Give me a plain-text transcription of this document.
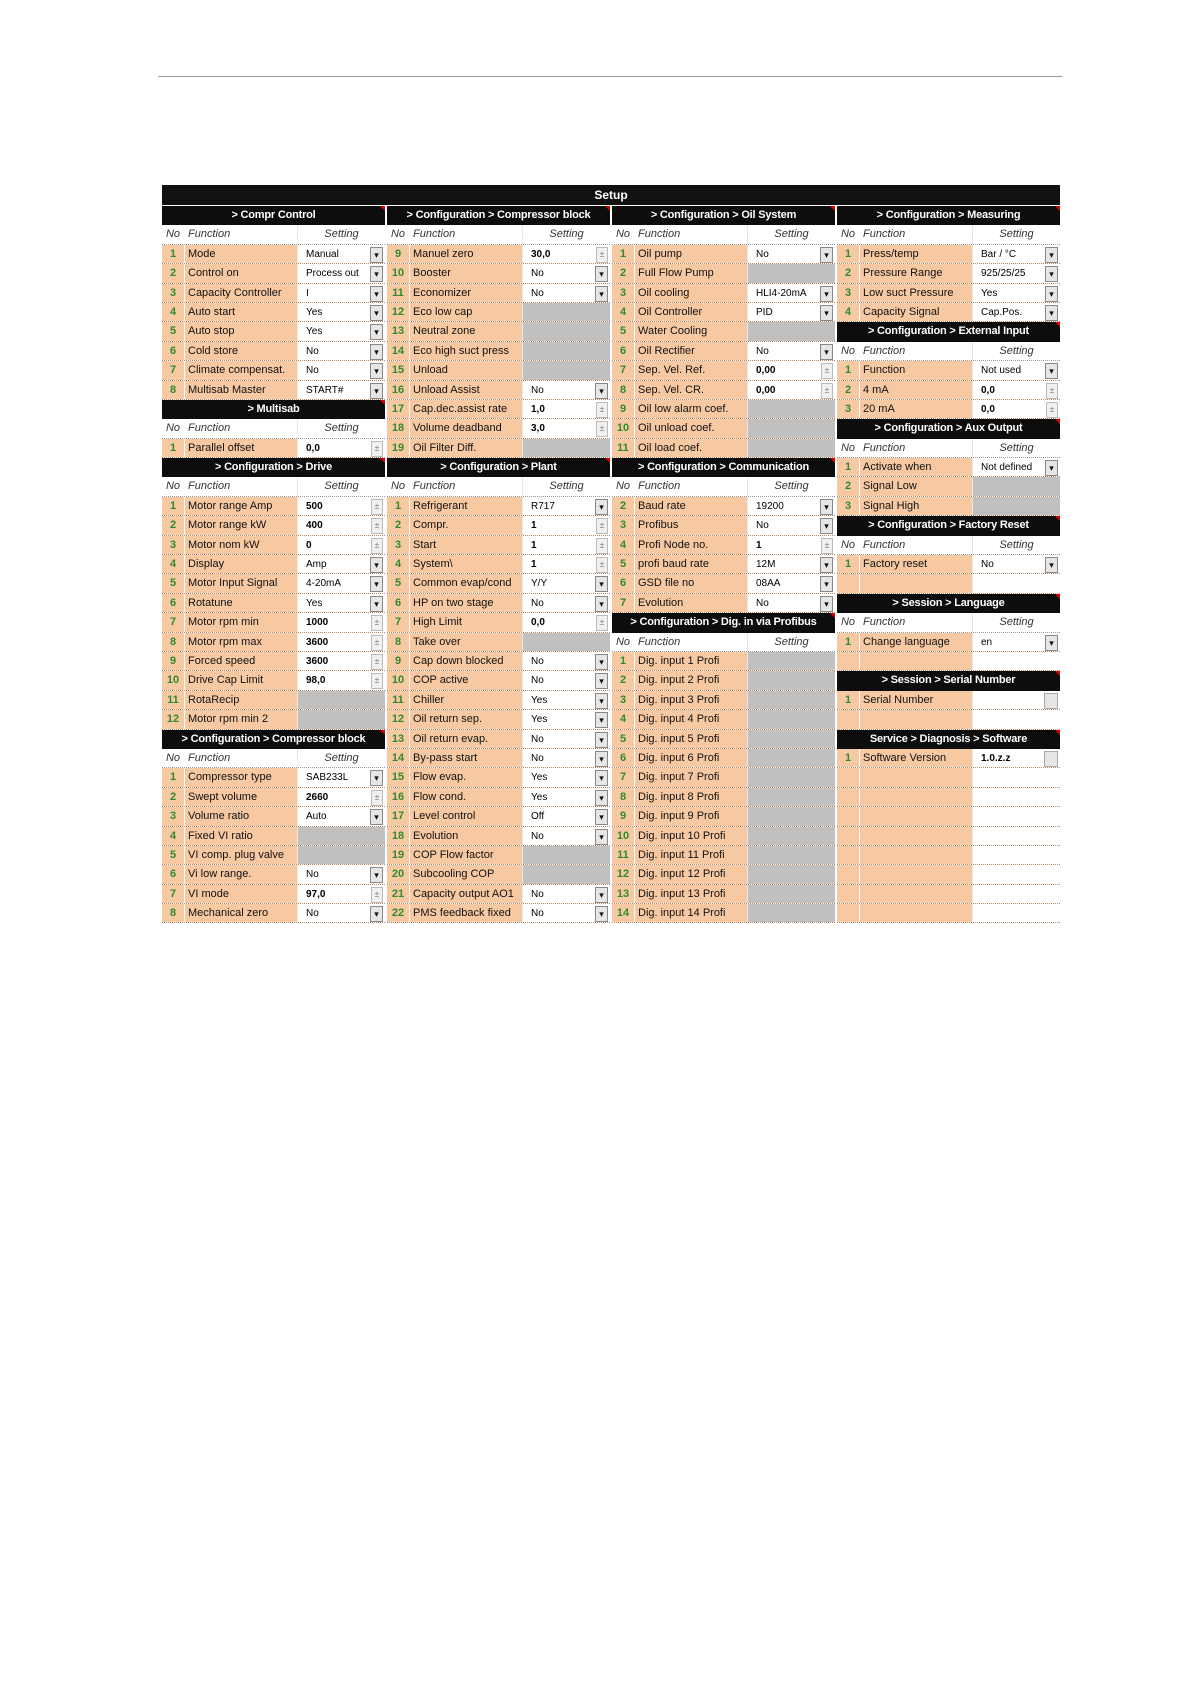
Setup
> Compr Control
No Function	Setting
1	Mode	Manual ▾
2	Control on	Process out ▾
3	Capacity Controller	I ▾
4	Auto start	Yes ▾
5	Auto stop	Yes ▾
6	Cold store	No ▾
7	Climate compensat.	No ▾
8	Multisab Master	START# ▾
> Multisab
No Function	Setting
1	Parallel offset	0,0 ±
> Configuration > Drive
No Function	Setting
1	Motor range Amp	500 ±
2	Motor range kW	400 ±
3	Motor nom kW	0 ±
4	Display	Amp ▾
5	Motor Input Signal	4-20mA ▾
6	Rotatune	Yes ▾
7	Motor rpm min	1000 ±
8	Motor rpm max	3600 ±
9	Forced speed	3600 ±
10 Drive Cap Limit	98,0 ±
11 RotaRecip
12 Motor rpm min 2
> Configuration > Compressor block
No Function	Setting
1	Compressor type	SAB233L ▾
2	Swept volume	2660 ±
3	Volume ratio	Auto ▾
4	Fixed VI ratio
5	VI comp. plug valve
6	Vi low range.	No ▾
7	VI mode	97,0 ±
8	Mechanical zero	No ▾
> Configuration > Compressor block
No Function	Setting
9	Manuel zero	30,0 ±
10 Booster	No ▾
11 Economizer	No ▾
12 Eco low cap
13 Neutral zone
14 Eco high suct press
15 Unload
16 Unload Assist	No ▾
17 Cap.dec.assist rate	1,0 ±
18 Volume deadband	3,0 ±
19 Oil Filter Diff.
> Configuration > Plant
No Function	Setting
1	Refrigerant	R717 ▾
2	Compr.	1 ±
3	Start	1 ±
4	System\	1 ±
5	Common evap/cond	Y/Y ▾
6	HP on two stage	No ▾
7	High Limit	0,0 ±
8	Take over
9	Cap down blocked	No ▾
10 COP active	No ▾
11 Chiller	Yes ▾
12 Oil return sep.	Yes ▾
13 Oil return evap.	No ▾
14 By-pass start	No ▾
15 Flow evap.	Yes ▾
16 Flow cond.	Yes ▾
17 Level control	Off ▾
18 Evolution	No ▾
19 COP Flow factor
20 Subcooling COP
21 Capacity output AO1	No ▾
22 PMS feedback fixed	No ▾
> Configuration > Oil System
No Function	Setting
1	Oil pump	No ▾
2	Full Flow Pump
3	Oil cooling	HLI4-20mA ▾
4	Oil Controller	PID ▾
5	Water Cooling
6	Oil Rectifier	No ▾
7	Sep. Vel. Ref.	0,00 ±
8	Sep. Vel. CR.	0,00 ±
9	Oil low alarm coef.
10 Oil unload coef.
11 Oil load coef.
> Configuration > Communication
No Function	Setting
2	Baud rate	19200 ▾
3	Profibus	No ▾
4	Profi Node no.	1 ±
5	profi baud rate	12M ▾
6	GSD file no	08AA ▾
7	Evolution	No ▾
> Configuration > Dig. in via Profibus
No Function	Setting
1	Dig. input 1 Profi
2	Dig. input 2 Profi
3	Dig. input 3 Profi
4	Dig. input 4 Profi
5	Dig. input 5 Profi
6	Dig. input 6 Profi
7	Dig. input 7 Profi
8	Dig. input 8 Profi
9	Dig. input 9 Profi
10 Dig. input 10 Profi
11 Dig. input 11 Profi
12 Dig. input 12 Profi
13 Dig. input 13 Profi
14 Dig. input 14 Profi
> Configuration > Measuring
No Function	Setting
1	Press/temp	Bar / °C ▾
2	Pressure Range	925/25/25 ▾
3	Low suct Pressure	Yes ▾
4	Capacity Signal	Cap.Pos. ▾
> Configuration > External Input
No Function	Setting
1	Function	Not used ▾
2	4 mA	0,0 ±
3	20 mA	0,0 ±
> Configuration > Aux Output
No Function	Setting
1	Activate when	Not defined ▾
2	Signal Low
3	Signal High
> Configuration > Factory Reset
No Function	Setting
1	Factory reset	No ▾
> Session > Language
No Function	Setting
1	Change language	en ▾
> Session > Serial Number
1	Serial Number
Service > Diagnosis > Software
1	Software Version	1.0.z.z
